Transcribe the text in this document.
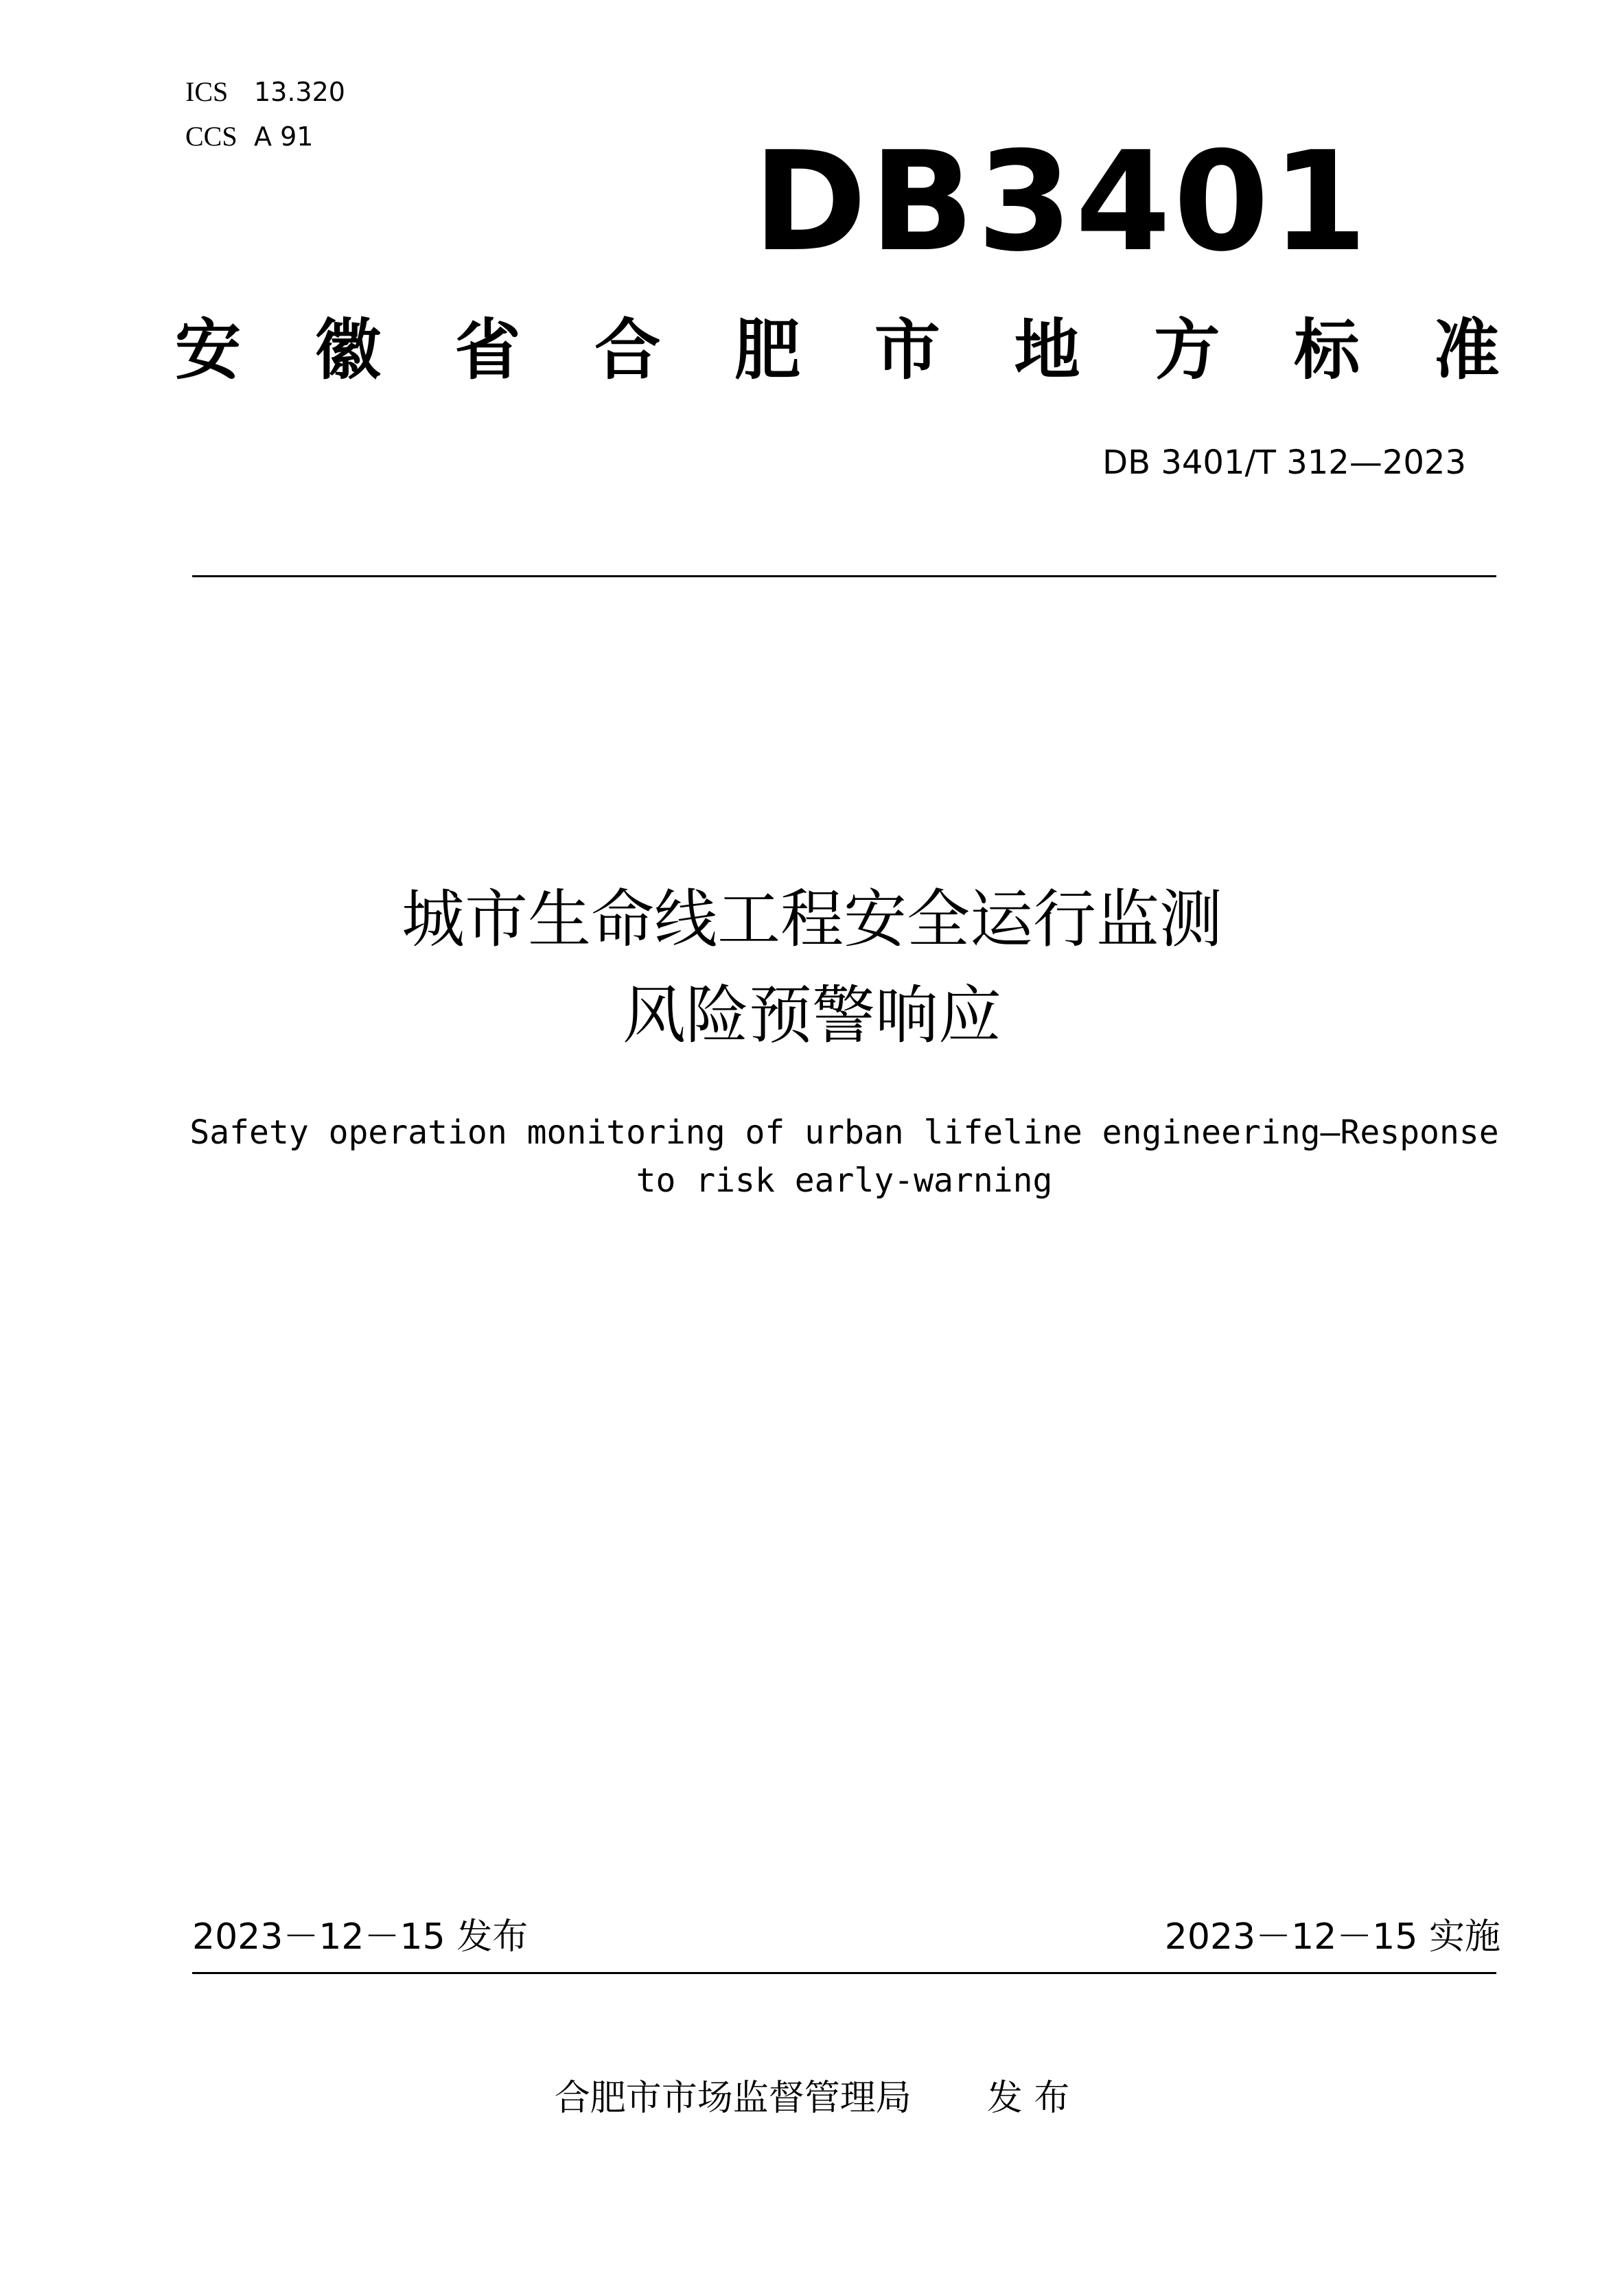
ICS 13.320
CCS A 91	DB3401
安 徽 省 合 肥 市 地 方 标 准
DB 3401/T 312—2023
城市生命线工程安全运行监测
风险预警响应
Safety operation monitoring of urban lifeline engineering—Response to risk early-warning
2023－12－15 发布	2023－12－15 实施
合肥市市场监督管理局 发 布
